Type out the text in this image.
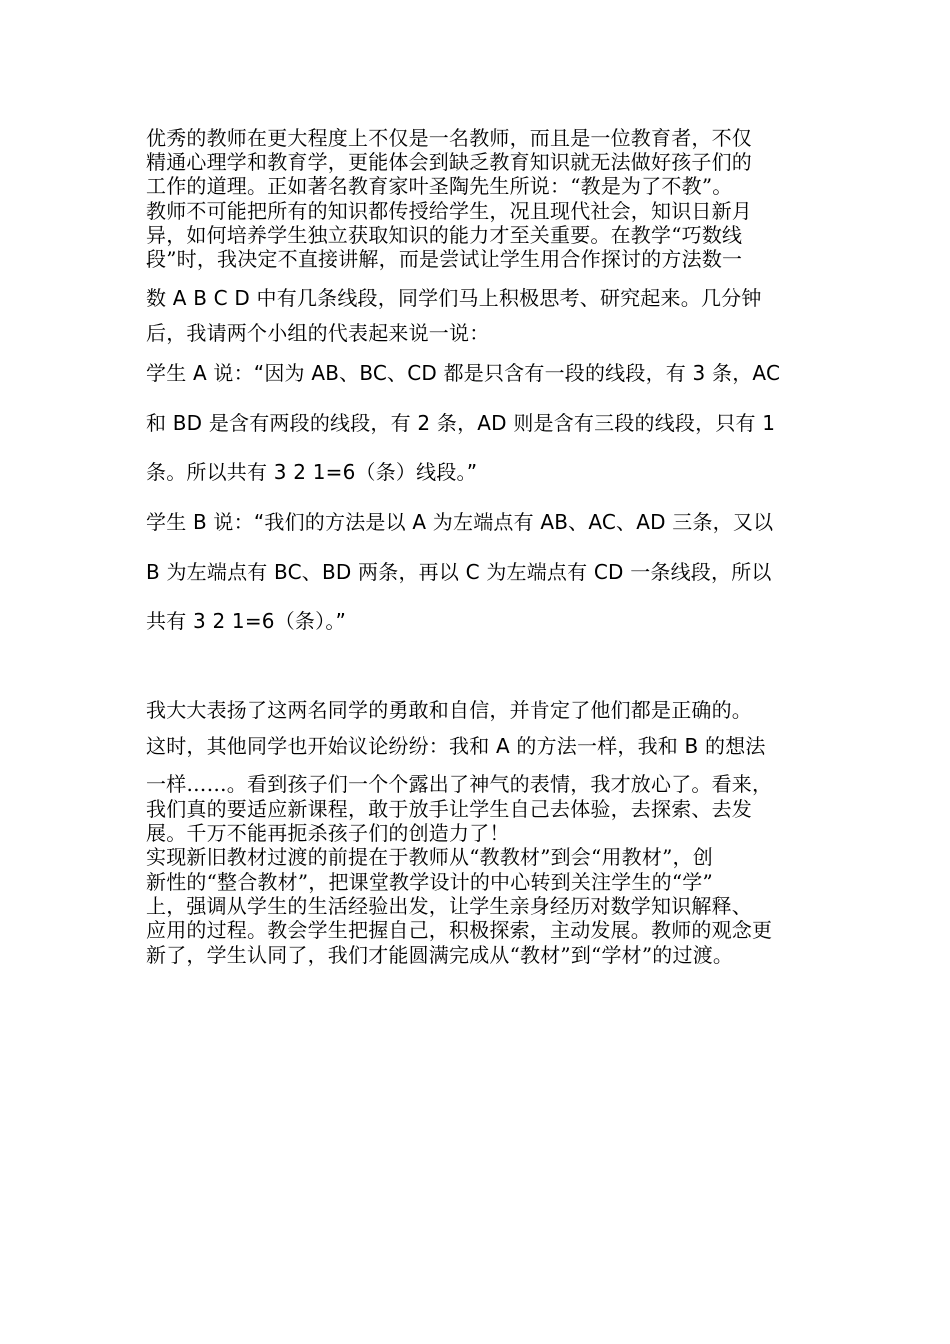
优秀的教师在更大程度上不仅是一名教师，而且是一位教育者，不仅
精通心理学和教育学，更能体会到缺乏教育知识就无法做好孩子们的
工作的道理。正如著名教育家叶圣陶先生所说：“教是为了不教”。
教师不可能把所有的知识都传授给学生，况且现代社会，知识日新月
异，如何培养学生独立获取知识的能力才至关重要。在教学“巧数线
段”时，我决定不直接讲解，而是尝试让学生用合作探讨的方法数一
数 A B C D 中有几条线段，同学们马上积极思考、研究起来。几分钟
后，我请两个小组的代表起来说一说：
学生 A 说：“因为 AB、BC、CD 都是只含有一段的线段，有 3 条，AC
和 BD 是含有两段的线段，有 2 条，AD 则是含有三段的线段，只有 1
条。所以共有 3 2 1=6（条）线段。”
学生 B 说：“我们的方法是以 A 为左端点有 AB、AC、AD 三条，又以
B 为左端点有 BC、BD 两条，再以 C 为左端点有 CD 一条线段，所以
共有 3 2 1=6（条）。”
我大大表扬了这两名同学的勇敢和自信，并肯定了他们都是正确的。
这时，其他同学也开始议论纷纷：我和 A 的方法一样，我和 B 的想法
一样……。看到孩子们一个个露出了神气的表情，我才放心了。看来，
我们真的要适应新课程，敢于放手让学生自己去体验，去探索、去发
展。千万不能再扼杀孩子们的创造力了！
实现新旧教材过渡的前提在于教师从“教教材”到会“用教材”，创
新性的“整合教材”，把课堂教学设计的中心转到关注学生的“学”
上，强调从学生的生活经验出发，让学生亲身经历对数学知识解释、
应用的过程。教会学生把握自己，积极探索，主动发展。教师的观念更
新了，学生认同了，我们才能圆满完成从“教材”到“学材”的过渡。
